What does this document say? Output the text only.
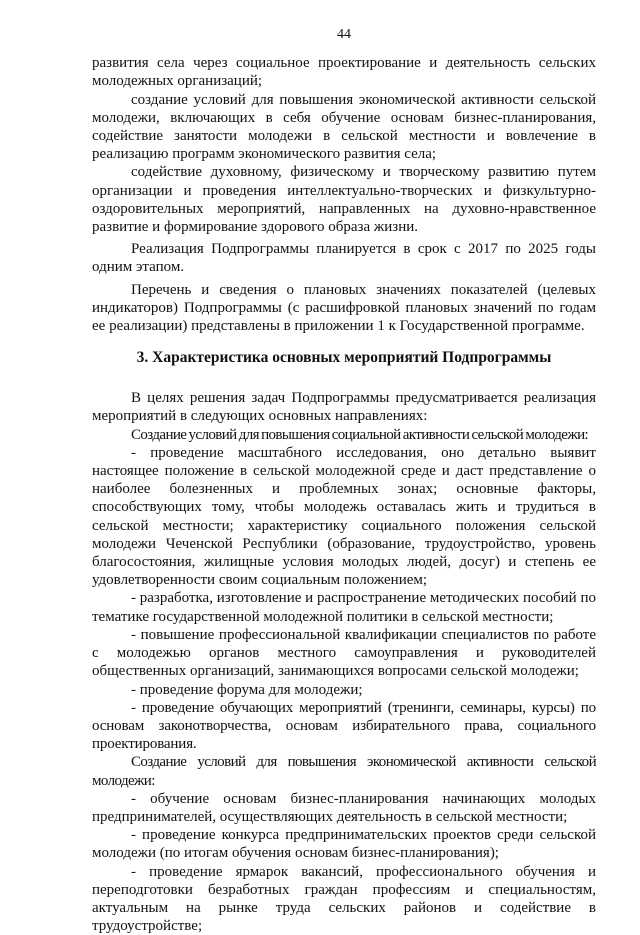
44

развития села через социальное проектирование и деятельность сельских молодежных организаций;

создание условий для повышения экономической активности сельской молодежи, включающих в себя обучение основам бизнес-планирования, содействие занятости молодежи в сельской местности и вовлечение в реализацию программ экономического развития села;

содействие духовному, физическому и творческому развитию путем организации и проведения интеллектуально-творческих и физкультурно-оздоровительных мероприятий, направленных на духовно-нравственное развитие и формирование здорового образа жизни.

Реализация Подпрограммы планируется в срок с 2017 по 2025 годы одним этапом.

Перечень и сведения о плановых значениях показателей (целевых индикаторов) Подпрограммы (с расшифровкой плановых значений по годам ее реализации) представлены в приложении 1 к Государственной программе.

3. Характеристика основных мероприятий Подпрограммы

В целях решения задач Подпрограммы предусматривается реализация мероприятий в следующих основных направлениях:

Создание условий для повышения социальной активности сельской молодежи:

- проведение масштабного исследования, оно детально выявит настоящее положение в сельской молодежной среде и даст представление о наиболее болезненных и проблемных зонах; основные факторы, способствующих тому, чтобы молодежь оставалась жить и трудиться в сельской местности; характеристику социального положения сельской молодежи Чеченской Республики (образование, трудоустройство, уровень благосостояния, жилищные условия молодых людей, досуг) и степень ее удовлетворенности своим социальным положением;

- разработка, изготовление и распространение методических пособий по тематике государственной молодежной политики в сельской местности;

- повышение профессиональной квалификации специалистов по работе с молодежью органов местного самоуправления и руководителей общественных организаций, занимающихся вопросами сельской молодежи;

- проведение форума для молодежи;

- проведение обучающих мероприятий (тренинги, семинары, курсы) по основам законотворчества, основам избирательного права, социального проектирования.

Создание условий для повышения экономической активности сельской молодежи:

- обучение основам бизнес-планирования начинающих молодых предпринимателей, осуществляющих деятельность в сельской местности;

- проведение конкурса предпринимательских проектов среди сельской молодежи (по итогам обучения основам бизнес-планирования);

- проведение ярмарок вакансий, профессионального обучения и переподготовки безработных граждан профессиям и специальностям, актуальным на рынке труда сельских районов и содействие в трудоустройстве;
